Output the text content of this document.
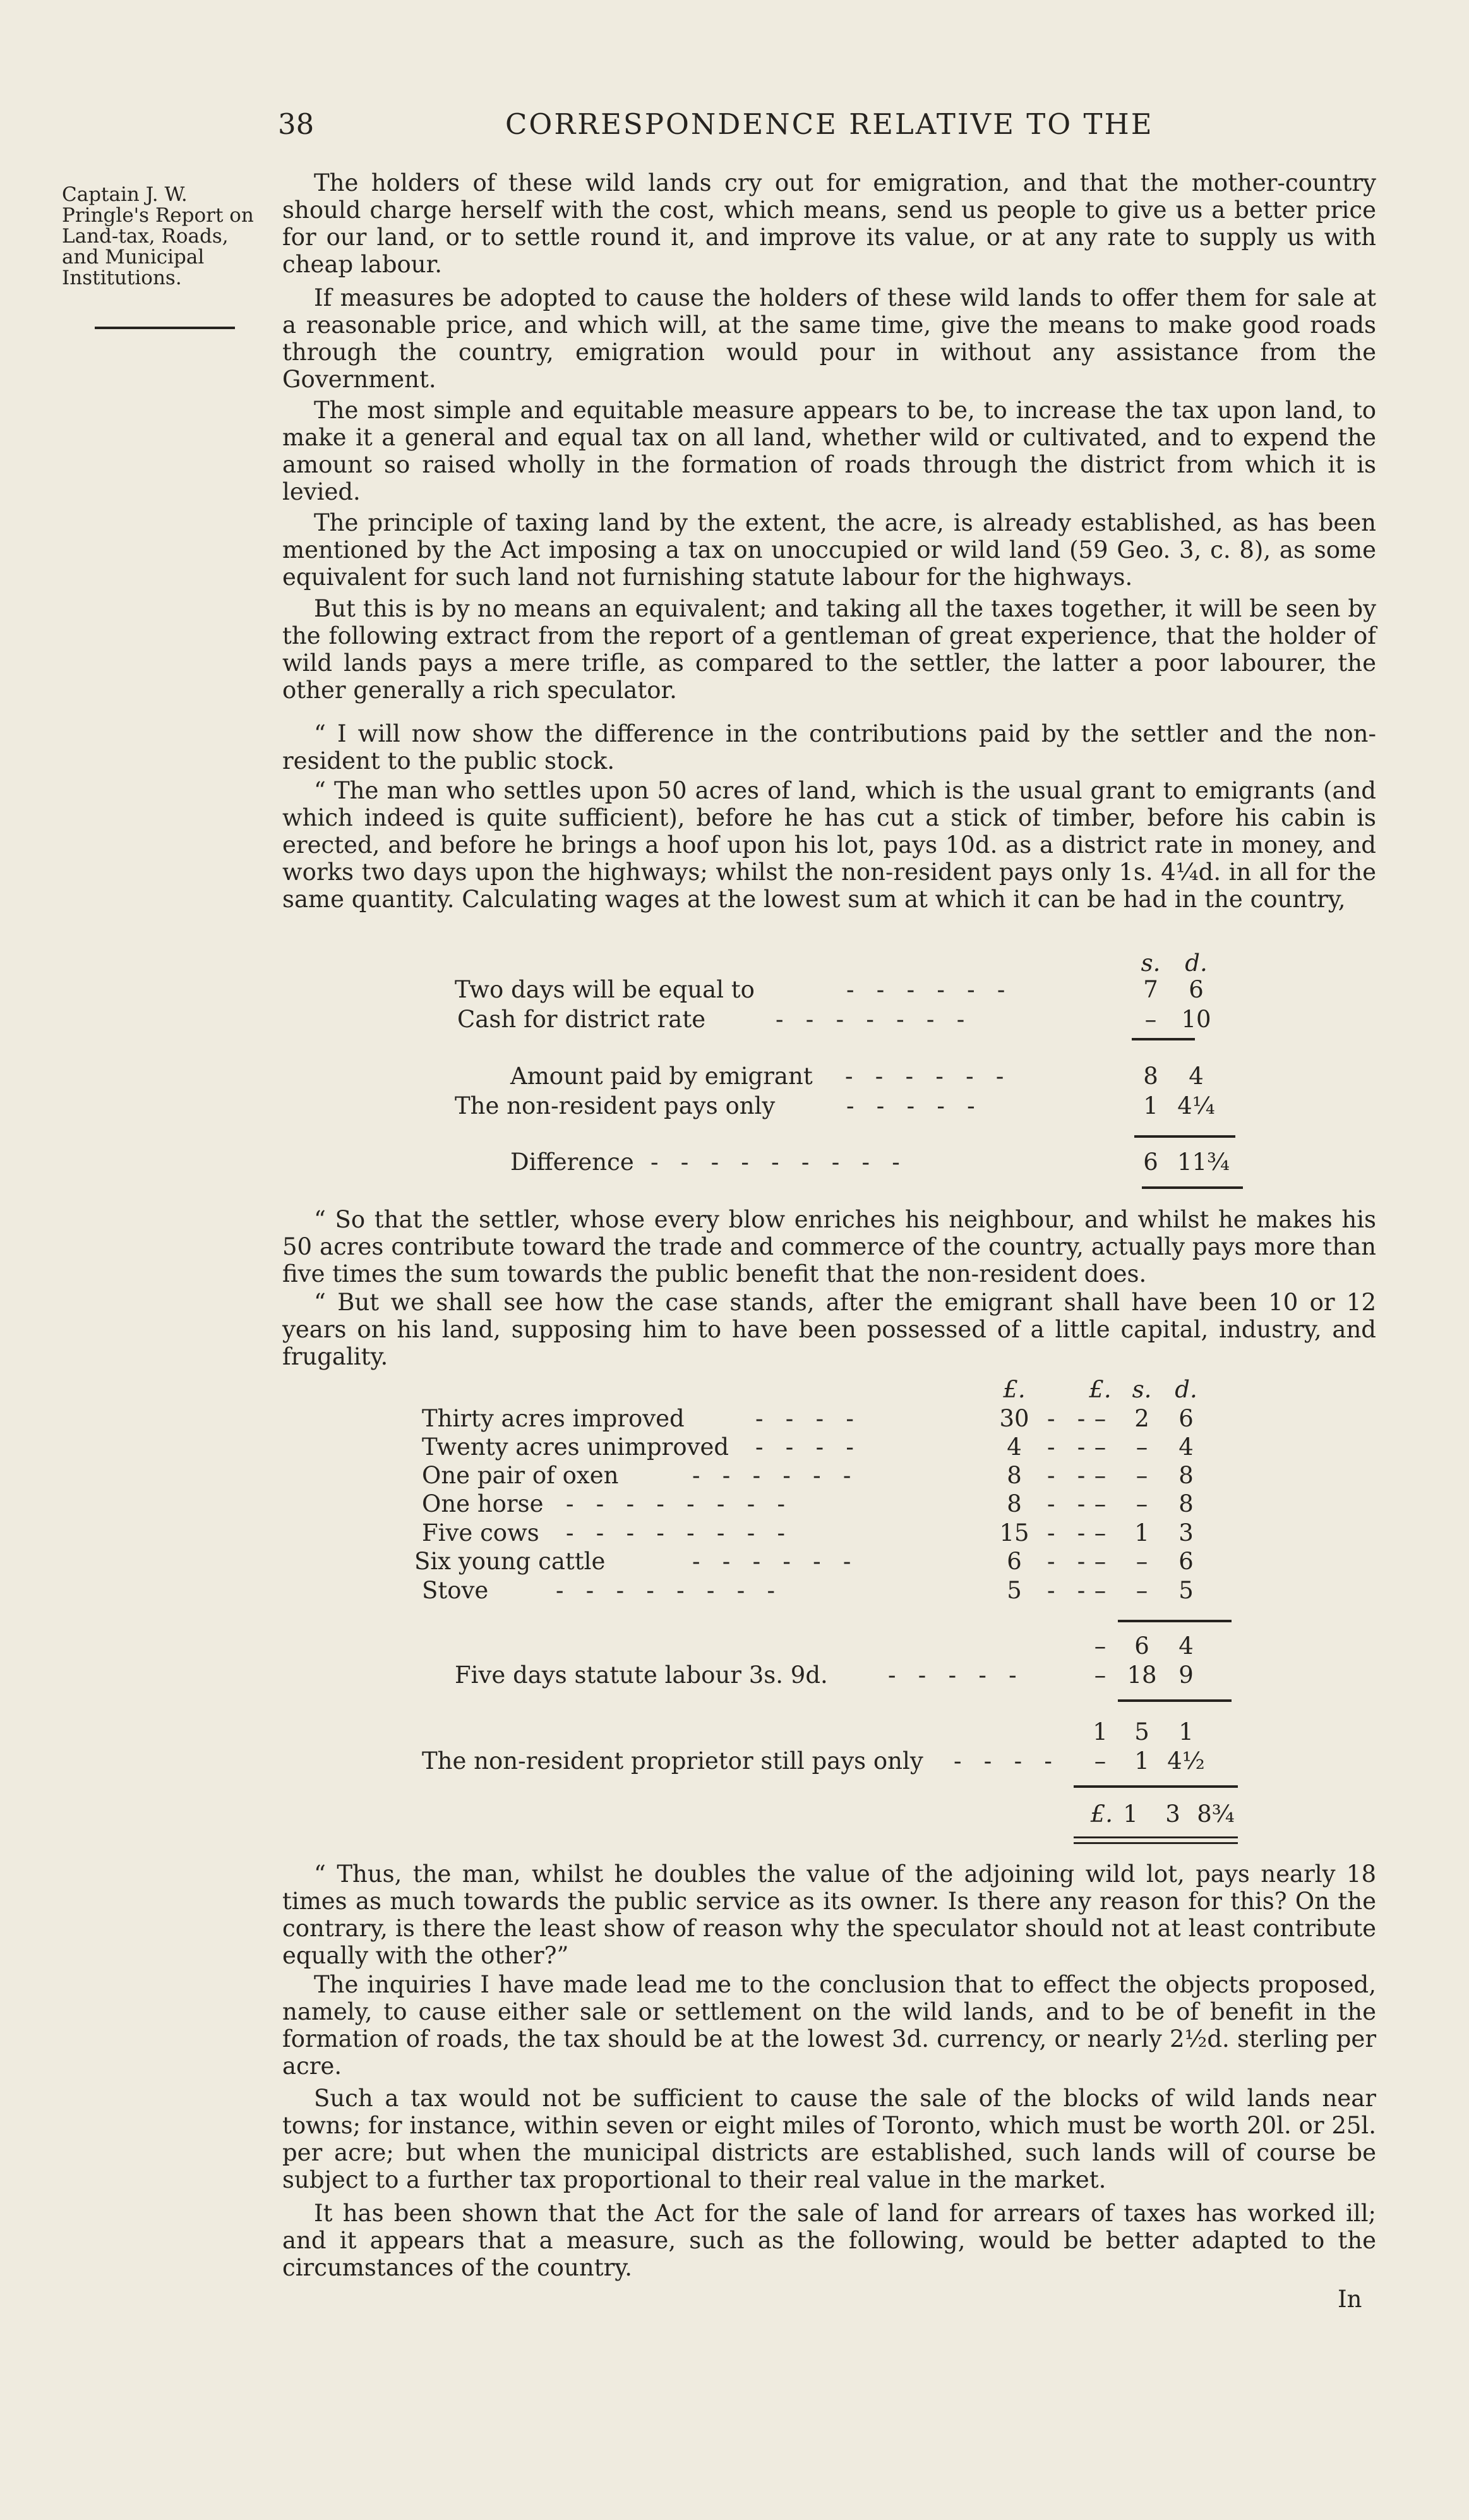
38	CORRESPONDENCE RELATIVE TO THE
Captain J. W. Pringle's Report on Land-tax, Roads, and Municipal Institutions.

The holders of these wild lands cry out for emigration, and that the mother-country should charge herself with the cost, which means, send us people to give us a better price for our land, or to settle round it, and improve its value, or at any rate to supply us with cheap labour.

If measures be adopted to cause the holders of these wild lands to offer them for sale at a reasonable price, and which will, at the same time, give the means to make good roads through the country, emigration would pour in without any assistance from the Government.

The most simple and equitable measure appears to be, to increase the tax upon land, to make it a general and equal tax on all land, whether wild or cultivated, and to expend the amount so raised wholly in the formation of roads through the district from which it is levied.

The principle of taxing land by the extent, the acre, is already established, as has been mentioned by the Act imposing a tax on unoccupied or wild land (59 Geo. 3, c. 8), as some equivalent for such land not furnishing statute labour for the highways.

But this is by no means an equivalent; and taking all the taxes together, it will be seen by the following extract from the report of a gentleman of great experience, that the holder of wild lands pays a mere trifle, as compared to the settler, the latter a poor labourer, the other generally a rich speculator.

“ I will now show the difference in the contributions paid by the settler and the non-resident to the public stock.

“ The man who settles upon 50 acres of land, which is the usual grant to emigrants (and which indeed is quite sufficient), before he has cut a stick of timber, before his cabin is erected, and before he brings a hoof upon his lot, pays 10d. as a district rate in money, and works two days upon the highways; whilst the non-resident pays only 1s. 4¼d. in all for the same quantity. Calculating wages at the lowest sum at which it can be had in the country,

s.	d.
Two days will be equal to	-   -   -   -   -   -	7	6
Cash for district rate	-   -   -   -   -   -   -	–	10
Amount paid by emigrant -   -   -   -   -   -	8	4
The non-resident pays only	-   -   -   -   -	1 4¼
Difference -   -   -   -   -   -   -   -   -	6 11¾

“ So that the settler, whose every blow enriches his neighbour, and whilst he makes his 50 acres contribute toward the trade and commerce of the country, actually pays more than five times the sum towards the public benefit that the non-resident does.

“ But we shall see how the case stands, after the emigrant shall have been 10 or 12 years on his land, supposing him to have been possessed of a little capital, industry, and frugality.

£.	£. s. d.
Thirty acres improved	-   -   -   -	30 -   - –	2	6
Twenty acres unimproved -   -   -   -	4	-   - –	–	4
One pair of oxen	-   -   -   -   -   -	8	-   - –	–	8
One horse -   -   -   -   -   -   -   -	8	-   - –	–	8
Five cows -   -   -   -   -   -   -   -	15 -   - –	1	3
Six young cattle	-   -   -   -   -   -	6	-   - –	–	6
Stove	-   -   -   -   -   -   -   -	5	-   - –	–	5
–	6	4
Five days statute labour 3s. 9d.	-   -   -   -   -	– 18 9
1	5	1
The non-resident proprietor still pays only -   -   -   -	–	1 4½
£. 1	3 8¾

“ Thus, the man, whilst he doubles the value of the adjoining wild lot, pays nearly 18 times as much towards the public service as its owner. Is there any reason for this? On the contrary, is there the least show of reason why the speculator should not at least contribute equally with the other?”

The inquiries I have made lead me to the conclusion that to effect the objects proposed, namely, to cause either sale or settlement on the wild lands, and to be of benefit in the formation of roads, the tax should be at the lowest 3d. currency, or nearly 2½d. sterling per acre.

Such a tax would not be sufficient to cause the sale of the blocks of wild lands near towns; for instance, within seven or eight miles of Toronto, which must be worth 20l. or 25l. per acre; but when the municipal districts are established, such lands will of course be subject to a further tax proportional to their real value in the market.

It has been shown that the Act for the sale of land for arrears of taxes has worked ill; and it appears that a measure, such as the following, would be better adapted to the circumstances of the country.

In
